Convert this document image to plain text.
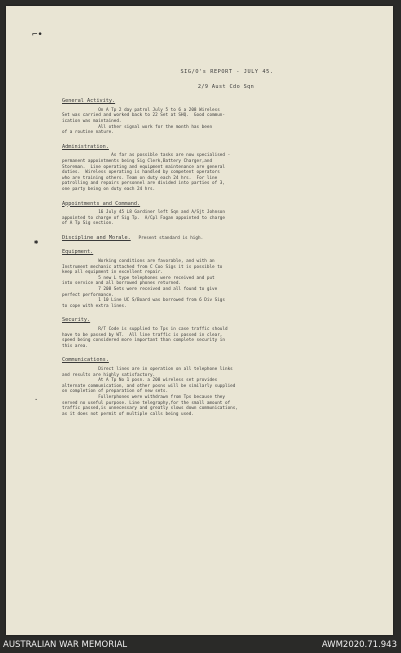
⌐•
✱
·
SIG/O's REPORT - JULY 45.
2/9 Aust Cdo Sqn
General Activity.

On A Tp 2 day patrol July 5 to 6 a 208 Wireless
Set was carried and worked back to 22 Set at SHQ.  Good commun-
ication was maintained.
All other signal work for the month has been
of a routine nature.

Administration.

As far as possible tasks are now specialised -
permanent appointments being Sig Clerk,Battery Charger,and
Storeman.  Line operating and equipment maintenance are general
duties.  Wireless operating is handled by competent operators
who are training others. Team on duty each 24 hrs.  For line
patrolling and repairs personnel are divided into parties of 3,
one party being on duty each 24 hrs.

Appointments and Command.

16 July 45 L8 Gardiner left Sqn and A/Sjt Johnson
appointed to charge of Sig Tp.  A/Cpl Fagan appointed to charge
of A Tp Sig section.

Discipline and Morale.   Present standard is high.
Equipment.

Working conditions are favorable, and with an
Instrument mechanic attached from C Coo Sigs it is possible to
keep all equipment in excellent repair.
5 new L type telephones were received and put
into service and all borrowed phones returned.
7 208 Sets were received and all found to give
perfect performance.
1 10 Line UC S/Board was borrowed from 6 Div Sigs
to cope with extra lines.

Security.

R/T Code is supplied to Tps in case traffic should
have to be passed by WT.  All line traffic is passed in clear,
speed being considered more important than complete security in
this area.

Communications.

Direct lines are in operation on all telephone links
and results are highly satisfactory.
At A Tp No 1 posn. a 208 wireless set provides
alternate communication, and other posns will be similarly supplied
on completion of preparation of new sets.
Fullerphones were withdrawn from Tps because they
served no useful purpose. Line telegraphy,for the small amount of
traffic passed,is unnecessary and greatly slows down communications,
as it does not permit of multiple calls being used.

AUSTRALIAN WAR MEMORIAL	AWM2020.71.943
